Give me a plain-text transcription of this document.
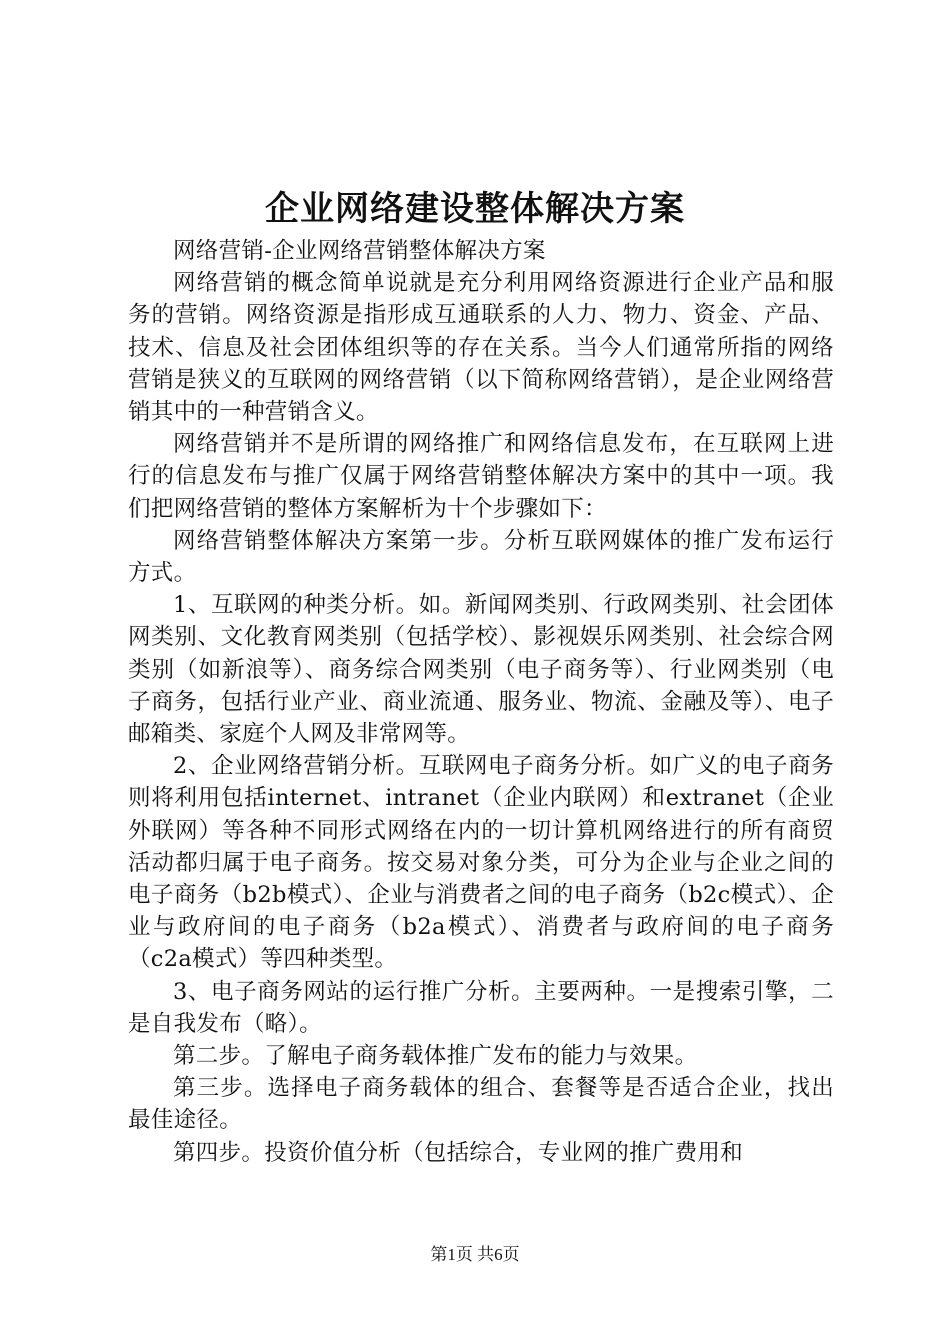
企业网络建设整体解决方案

网络营销-企业网络营销整体解决方案

网络营销的概念简单说就是充分利用网络资源进行企业产品和服务的营销。网络资源是指形成互通联系的人力、物力、资金、产品、技术、信息及社会团体组织等的存在关系。当今人们通常所指的网络营销是狭义的互联网的网络营销（以下简称网络营销），是企业网络营销其中的一种营销含义。

网络营销并不是所谓的网络推广和网络信息发布，在互联网上进行的信息发布与推广仅属于网络营销整体解决方案中的其中一项。我们把网络营销的整体方案解析为十个步骤如下：

网络营销整体解决方案第一步。分析互联网媒体的推广发布运行方式。

1、互联网的种类分析。如。新闻网类别、行政网类别、社会团体网类别、文化教育网类别（包括学校）、影视娱乐网类别、社会综合网类别（如新浪等）、商务综合网类别（电子商务等）、行业网类别（电子商务，包括行业产业、商业流通、服务业、物流、金融及等）、电子邮箱类、家庭个人网及非常网等。

2、企业网络营销分析。互联网电子商务分析。如广义的电子商务则将利用包括internet、intranet（企业内联网）和extranet（企业外联网）等各种不同形式网络在内的一切计算机网络进行的所有商贸活动都归属于电子商务。按交易对象分类，可分为企业与企业之间的电子商务（b2b模式）、企业与消费者之间的电子商务（b2c模式）、企业与政府间的电子商务（b2a模式）、消费者与政府间的电子商务（c2a模式）等四种类型。

3、电子商务网站的运行推广分析。主要两种。一是搜索引擎，二是自我发布（略）。

第二步。了解电子商务载体推广发布的能力与效果。

第三步。选择电子商务载体的组合、套餐等是否适合企业，找出最佳途径。

第四步。投资价值分析（包括综合，专业网的推广费用和

第1页 共6页
